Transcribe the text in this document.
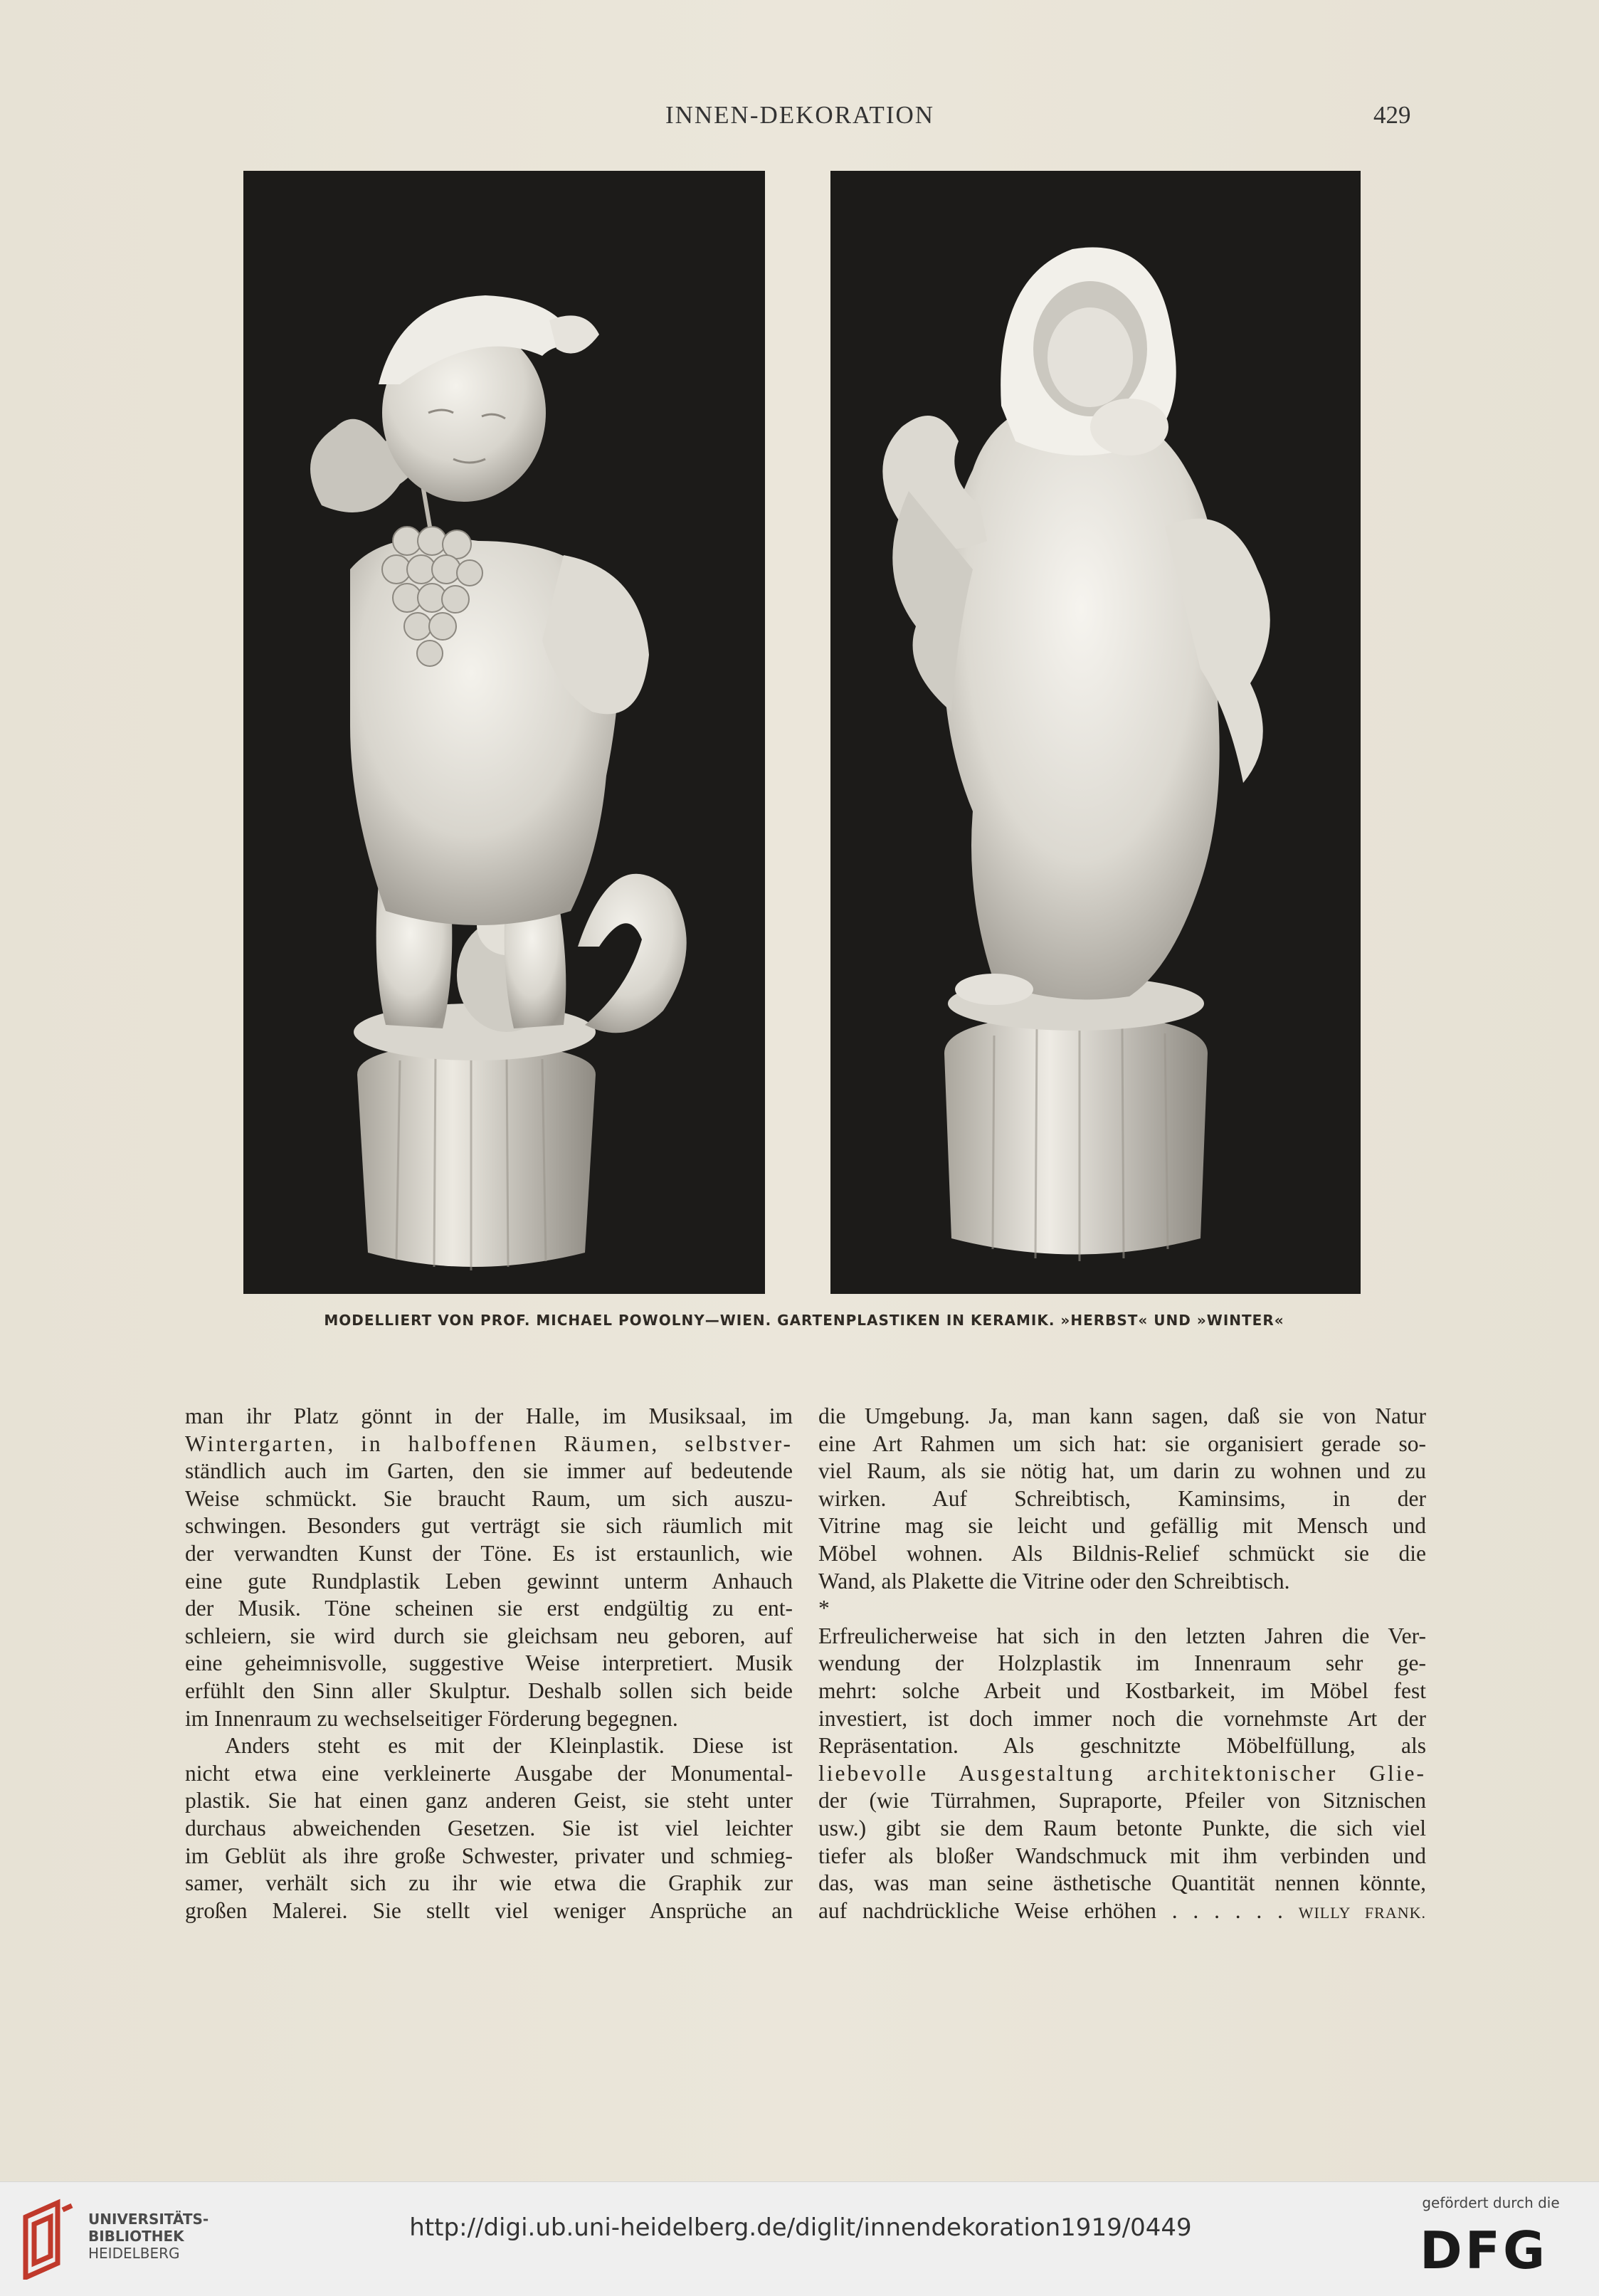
INNEN-DEKORATION	429
MODELLIERT VON PROF. MICHAEL POWOLNY—WIEN. GARTENPLASTIKEN IN KERAMIK. »HERBST« UND »WINTER«

man ihr Platz gönnt in der Halle, im Musiksaal, im

Wintergarten, in halboffenen Räumen, selbstver-

ständlich auch im Garten, den sie immer auf bedeutende

Weise schmückt. Sie braucht Raum, um sich auszu-

schwingen. Besonders gut verträgt sie sich räumlich mit

der verwandten Kunst der Töne. Es ist erstaunlich, wie

eine gute Rundplastik Leben gewinnt unterm Anhauch

der Musik. Töne scheinen sie erst endgültig zu ent-

schleiern, sie wird durch sie gleichsam neu geboren, auf

eine geheimnisvolle, suggestive Weise interpretiert. Musik

erfühlt den Sinn aller Skulptur. Deshalb sollen sich beide

im Innenraum zu wechselseitiger Förderung begegnen.

Anders steht es mit der Kleinplastik. Diese ist

nicht etwa eine verkleinerte Ausgabe der Monumental-

plastik. Sie hat einen ganz anderen Geist, sie steht unter

durchaus abweichenden Gesetzen. Sie ist viel leichter

im Geblüt als ihre große Schwester, privater und schmieg-

samer, verhält sich zu ihr wie etwa die Graphik zur

großen Malerei. Sie stellt viel weniger Ansprüche an

die Umgebung. Ja, man kann sagen, daß sie von Natur

eine Art Rahmen um sich hat: sie organisiert gerade so-

viel Raum, als sie nötig hat, um darin zu wohnen und zu

wirken. Auf Schreibtisch, Kaminsims, in der

Vitrine mag sie leicht und gefällig mit Mensch und

Möbel wohnen. Als Bildnis-Relief schmückt sie die

Wand, als Plakette die Vitrine oder den Schreibtisch.

*

Erfreulicherweise hat sich in den letzten Jahren die Ver-

wendung der Holzplastik im Innenraum sehr ge-

mehrt: solche Arbeit und Kostbarkeit, im Möbel fest

investiert, ist doch immer noch die vornehmste Art der

Repräsentation. Als geschnitzte Möbelfüllung, als

liebevolle Ausgestaltung architektonischer Glie-

der (wie Türrahmen, Supraporte, Pfeiler von Sitznischen

usw.) gibt sie dem Raum betonte Punkte, die sich viel

tiefer als bloßer Wandschmuck mit ihm verbinden und

das, was man seine ästhetische Quantität nennen könnte,

auf nachdrückliche Weise erhöhen . . . . . . WILLY FRANK.

UNIVERSITÄTS-
BIBLIOTHEK
HEIDELBERG
http://digi.ub.uni-heidelberg.de/diglit/innendekoration1919/0449
gefördert durch die
DFG
